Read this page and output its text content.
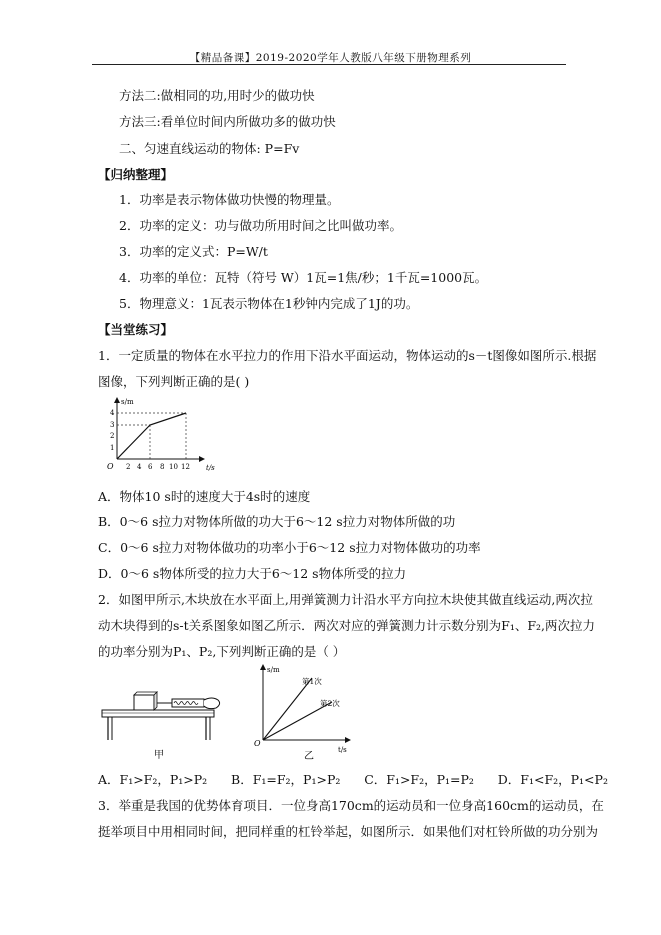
【精品备课】2019-2020学年人教版八年级下册物理系列
方法二:做相同的功,用时少的做功快
方法三:看单位时间内所做功多的做功快
二、匀速直线运动的物体: P=Fv
【归纳整理】
1．功率是表示物体做功快慢的物理量。
2．功率的定义：功与做功所用时间之比叫做功率。
3．功率的定义式：P=W/t
4．功率的单位：瓦特（符号 W）1瓦=1焦/秒；1千瓦=1000瓦。
5．物理意义：1瓦表示物体在1秒钟内完成了1J的功。
【当堂练习】
1．一定质量的物体在水平拉力的作用下沿水平面运动，物体运动的s－t图像如图所示.根据
图像，下列判断正确的是( )
s/m
t/s
O
1
2
3
4
2 4 6 8 10 12
A．物体10 s时的速度大于4s时的速度
B．0～6 s拉力对物体所做的功大于6～12 s拉力对物体所做的功
C．0～6 s拉力对物体做功的功率小于6～12 s拉力对物体做功的功率
D．0～6 s物体所受的拉力大于6～12 s物体所受的拉力
2．如图甲所示,木块放在水平面上,用弹簧测力计沿水平方向拉木块使其做直线运动,两次拉
动木块得到的s-t关系图象如图乙所示．两次对应的弹簧测力计示数分别为F₁、F₂,两次拉力
的功率分别为P₁、P₂,下列判断正确的是（ ）
甲
s/m
t/s
O
第1次
第2次
乙
A．F₁>F₂，P₁>P₂      B．F₁=F₂，P₁>P₂      C．F₁>F₂，P₁=P₂      D．F₁<F₂，P₁<P₂
3．举重是我国的优势体育项目．一位身高170cm的运动员和一位身高160cm的运动员，在
挺举项目中用相同时间，把同样重的杠铃举起，如图所示．如果他们对杠铃所做的功分别为
